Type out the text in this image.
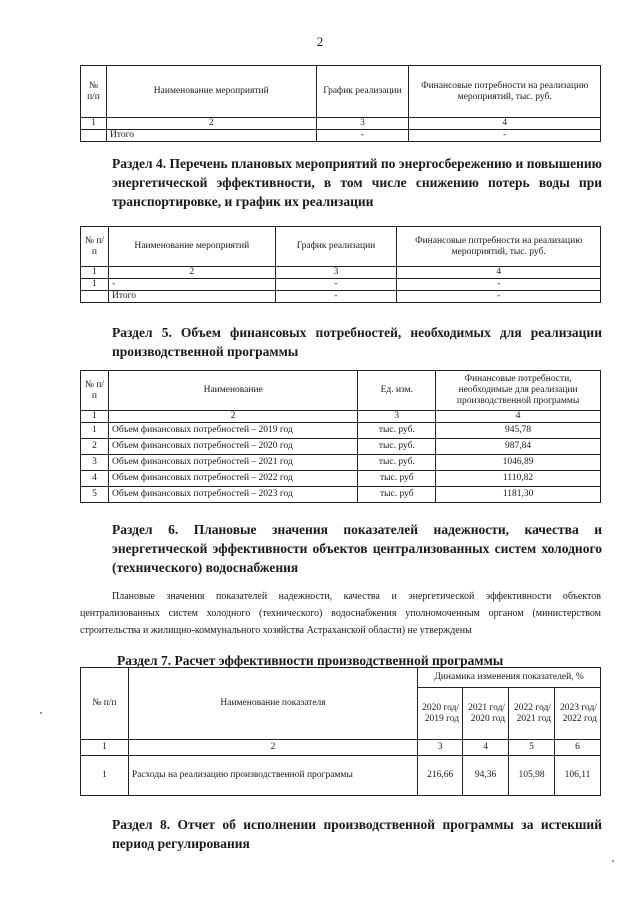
2
№ п/п	Наименование мероприятий	График реализации	Финансовые потребности на реализацию мероприятий, тыс. руб.
1	2	3	4
	Итого	-	-
Раздел 4. Перечень плановых мероприятий по энергосбережению и повышению энергетической эффективности, в том числе снижению потерь воды при транспортировке, и график их реализации
№ п/п	Наименование мероприятий	График реализации	Финансовые потребности на реализацию мероприятий, тыс. руб.
1	2	3	4
1	-	-	-
	Итого	-	-
Раздел 5. Объем финансовых потребностей, необходимых для реализации производственной программы
№ п/п	Наименование	Ед. изм.	Финансовые потребности, необходимые для реализации производственной программы
1	2	3	4
1	Объем финансовых потребностей – 2019 год	тыс. руб.	945,78
2	Объем финансовых потребностей – 2020 год	тыс. руб.	987,84
3	Объем финансовых потребностей – 2021 год	тыс. руб.	1046,89
4	Объем финансовых потребностей – 2022 год	тыс. руб	1110,82
5	Объем финансовых потребностей – 2023 год	тыс. руб	1181,30
Раздел 6. Плановые значения показателей надежности, качества и энергетической эффективности объектов централизованных систем холодного (технического) водоснабжения
Плановые значения показателей надежности, качества и энергетической эффективности объектов централизованных систем холодного (технического) водоснабжения уполномоченным органом (министерством строительства и жилищно-коммунального хозяйства Астраханской области) не утверждены
Раздел 7. Расчет эффективности производственной программы
№ п/п	Наименование показателя	Динамика изменения показателей, %			
		2020 год/ 2019 год	2021 год/ 2020 год	2022 год/ 2021 год	2023 год/ 2022 год
1	2	3	4	5	6
1	Расходы на реализацию производственной программы	216,66	94,36	105,98	106,11
Раздел 8. Отчет об исполнении производственной программы за истекший период регулирования
